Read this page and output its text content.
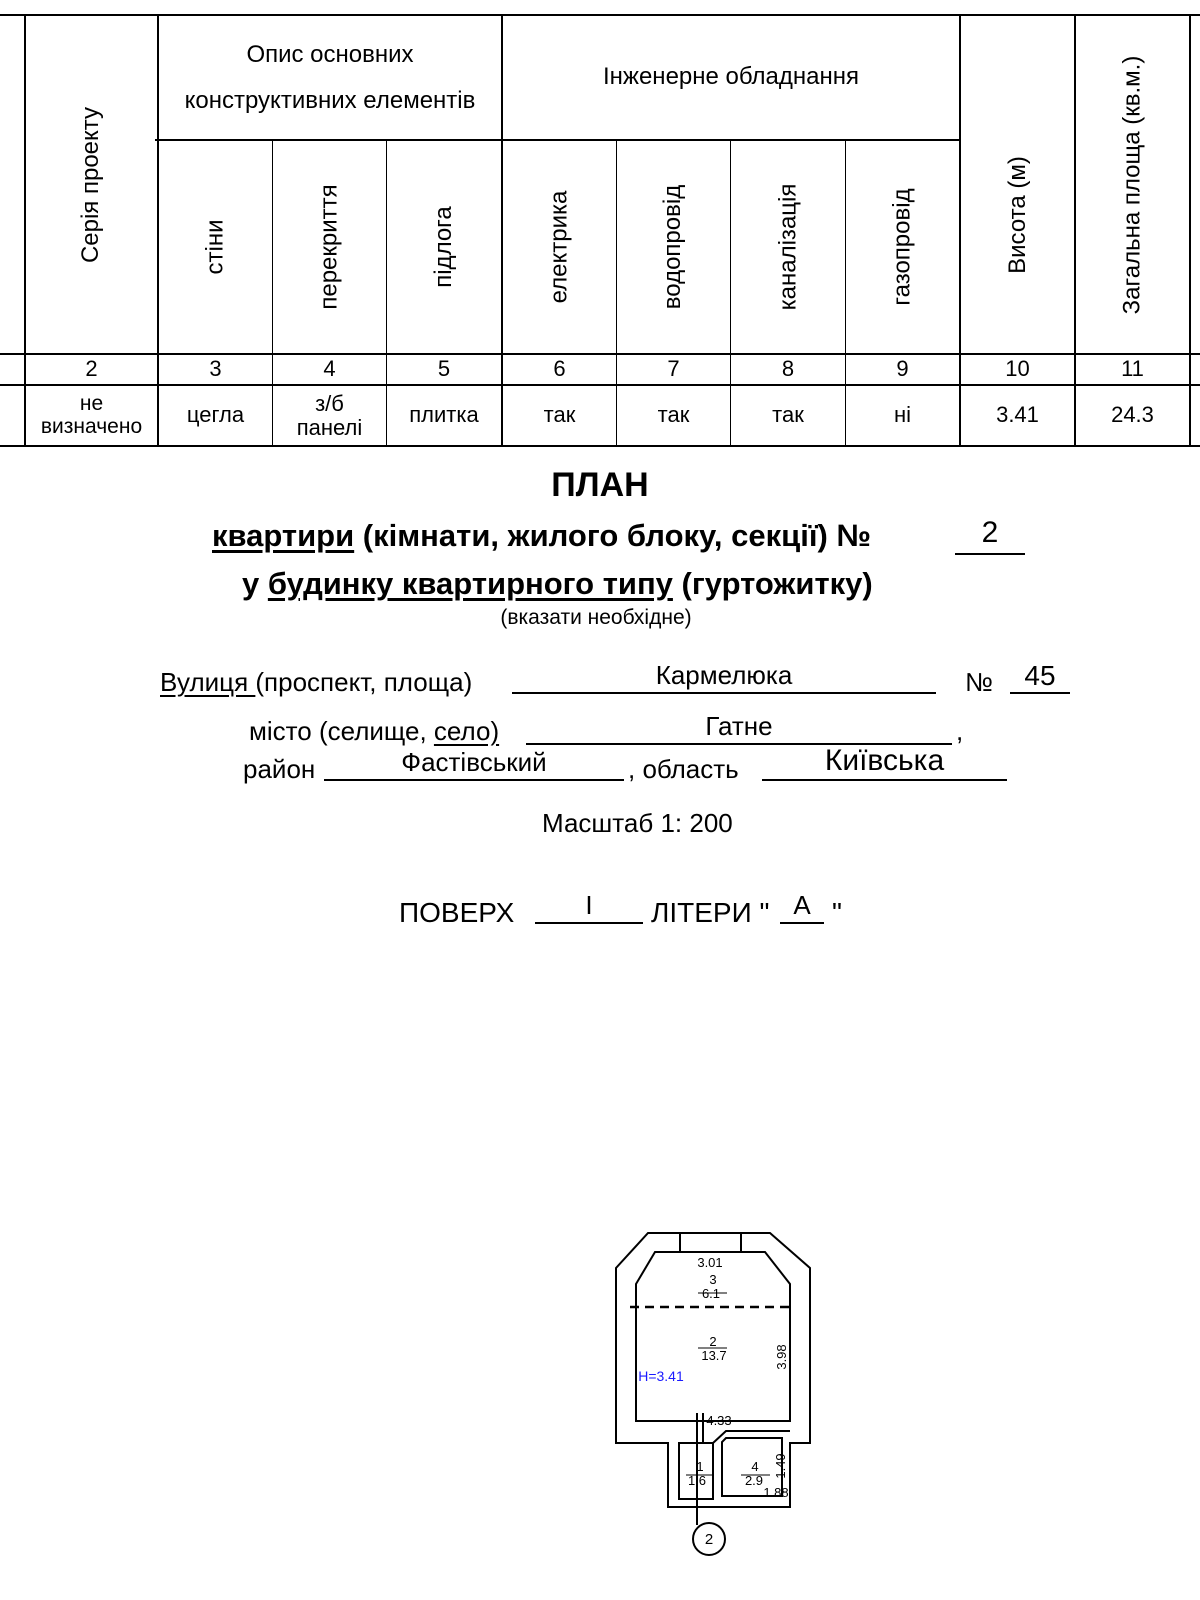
Серія проекту
Опис основних конструктивних елементів
Інженерне обладнання
стіни	перекриття	підлога	електрика	водопровід	каналізація	газопровід	Висота (м)	Загальна площа (кв.м.)
2	3	4	5	6	7	8	9	10	11
не визначено	цегла	з/б панелі	плитка	так	так	так	ні	3.41	24.3
ПЛАН
квартири (кімнати, жилого блоку, секції) №	2
у будинку квартирного типу (гуртожитку)
(вказати необхідне)
Вулиця (проспект, площа)	Кармелюка	№	45
місто (селище, село)	Гатне	,
район	Фастівський	, область	Київська
Масштаб 1: 200
ПОВЕРХ	I	ЛІТЕРИ " А "
3.01
3
6.1
2
13.7	3.98
H=3.41
4.33
1
1.6
4
2.9
1.49
1.88
2
